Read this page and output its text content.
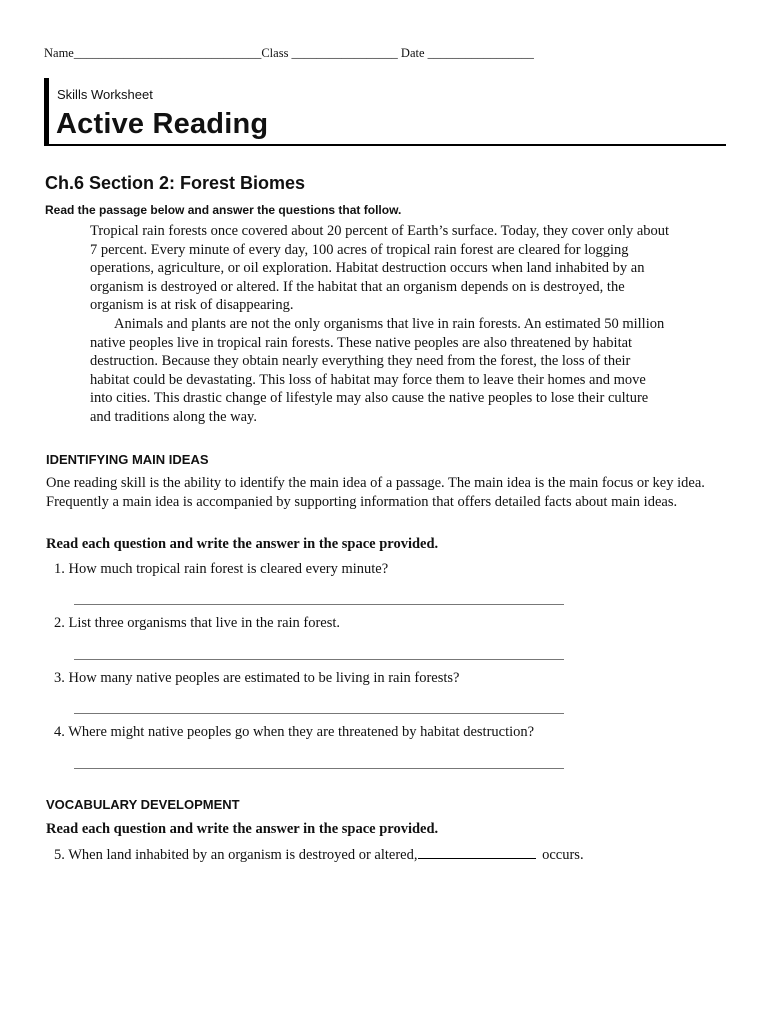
Name______________________________Class _________________ Date _________________
Skills Worksheet
Active Reading
Ch.6 Section 2: Forest Biomes
Read the passage below and answer the questions that follow.

Tropical rain forests once covered about 20 percent of Earth’s surface. Today, they cover only about 7 percent. Every minute of every day, 100 acres of tropical rain forest are cleared for logging operations, agriculture, or oil exploration. Habitat destruction occurs when land inhabited by an organism is destroyed or altered. If the habitat that an organism depends on is destroyed, the organism is at risk of disappearing.

Animals and plants are not the only organisms that live in rain forests. An estimated 50 million native peoples live in tropical rain forests. These native peoples are also threatened by habitat destruction. Because they obtain nearly everything they need from the forest, the loss of their habitat could be devastating. This loss of habitat may force them to leave their homes and move into cities. This drastic change of lifestyle may also cause the native peoples to lose their culture and traditions along the way.

IDENTIFYING MAIN IDEAS
One reading skill is the ability to identify the main idea of a passage. The main idea is the main focus or key idea. Frequently a main idea is accompanied by supporting information that offers detailed facts about main ideas.
Read each question and write the answer in the space provided.
1. How much tropical rain forest is cleared every minute?
2. List three organisms that live in the rain forest.
3. How many native peoples are estimated to be living in rain forests?
4. Where might native peoples go when they are threatened by habitat destruction?
VOCABULARY DEVELOPMENT
Read each question and write the answer in the space provided.
5. When land inhabited by an organism is destroyed or altered,	occurs.
